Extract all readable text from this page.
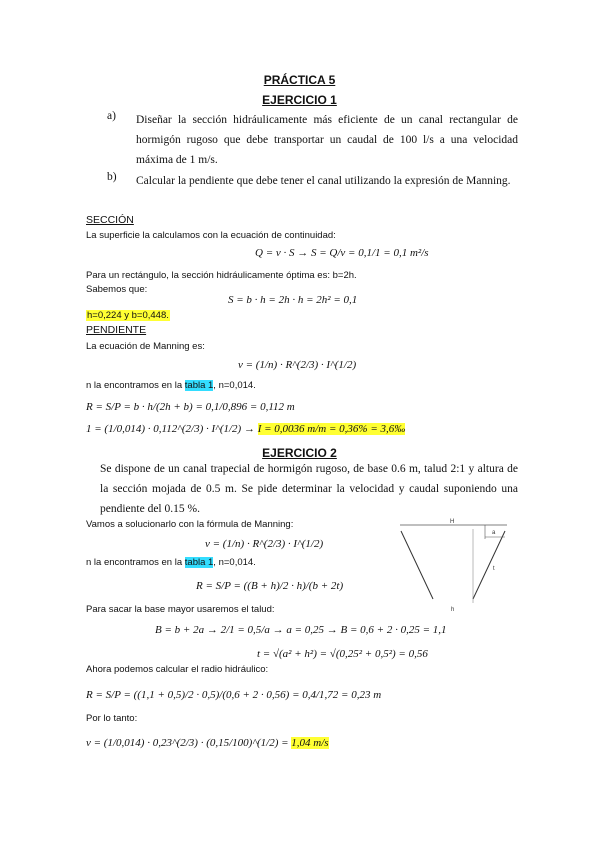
PRÁCTICA 5
EJERCICIO 1
a) Diseñar la sección hidráulicamente más eficiente de un canal rectangular de hormigón rugoso que debe transportar un caudal de 100 l/s a una velocidad máxima de 1 m/s.
b) Calcular la pendiente que debe tener el canal utilizando la expresión de Manning.
SECCIÓN
La superficie la calculamos con la ecuación de continuidad:
Q = v · S → S = Q/v = 0,1/1 = 0,1 m²/s
Para un rectángulo, la sección hidráulicamente óptima es: b=2h.
Sabemos que:
S = b · h = 2h · h = 2h² = 0,1
h=0,224 y b=0,448.
PENDIENTE
La ecuación de Manning es:
v = (1/n) · R^(2/3) · I^(1/2)
n la encontramos en la tabla 1, n=0,014.
R = S/P = b · h/(2h + b) = 0,1/0,896 = 0,112 m
1 = (1/0,014) · 0,112^(2/3) · I^(1/2) → I = 0,0036 m/m = 0,36% = 3,6‰
EJERCICIO 2
Se dispone de un canal trapecial de hormigón rugoso, de base 0.6 m, talud 2:1 y altura de la sección mojada de 0.5 m. Se pide determinar la velocidad y caudal suponiendo una pendiente del 0.15 %.
Vamos a solucionarlo con la fórmula de Manning:
v = (1/n) · R^(2/3) · I^(1/2)
n la encontramos en la tabla 1, n=0,014.
R = S/P = ((B + h)/2 · h)/(b + 2t)
Para sacar la base mayor usaremos el talud:
B = b + 2a → 2/1 = 0,5/a → a = 0,25 → B = 0,6 + 2 · 0,25 = 1,1
t = √(a² + h²) = √(0,25² + 0,5²) = 0,56
Ahora podemos calcular el radio hidráulico:
R = S/P = ((1,1 + 0,5)/2 · 0,5)/(0,6 + 2 · 0,56) = 0,4/1,72 = 0,23 m
Por lo tanto:
v = (1/0,014) · 0,23^(2/3) · (0,15/100)^(1/2) = 1,04 m/s
H
a
t
h
